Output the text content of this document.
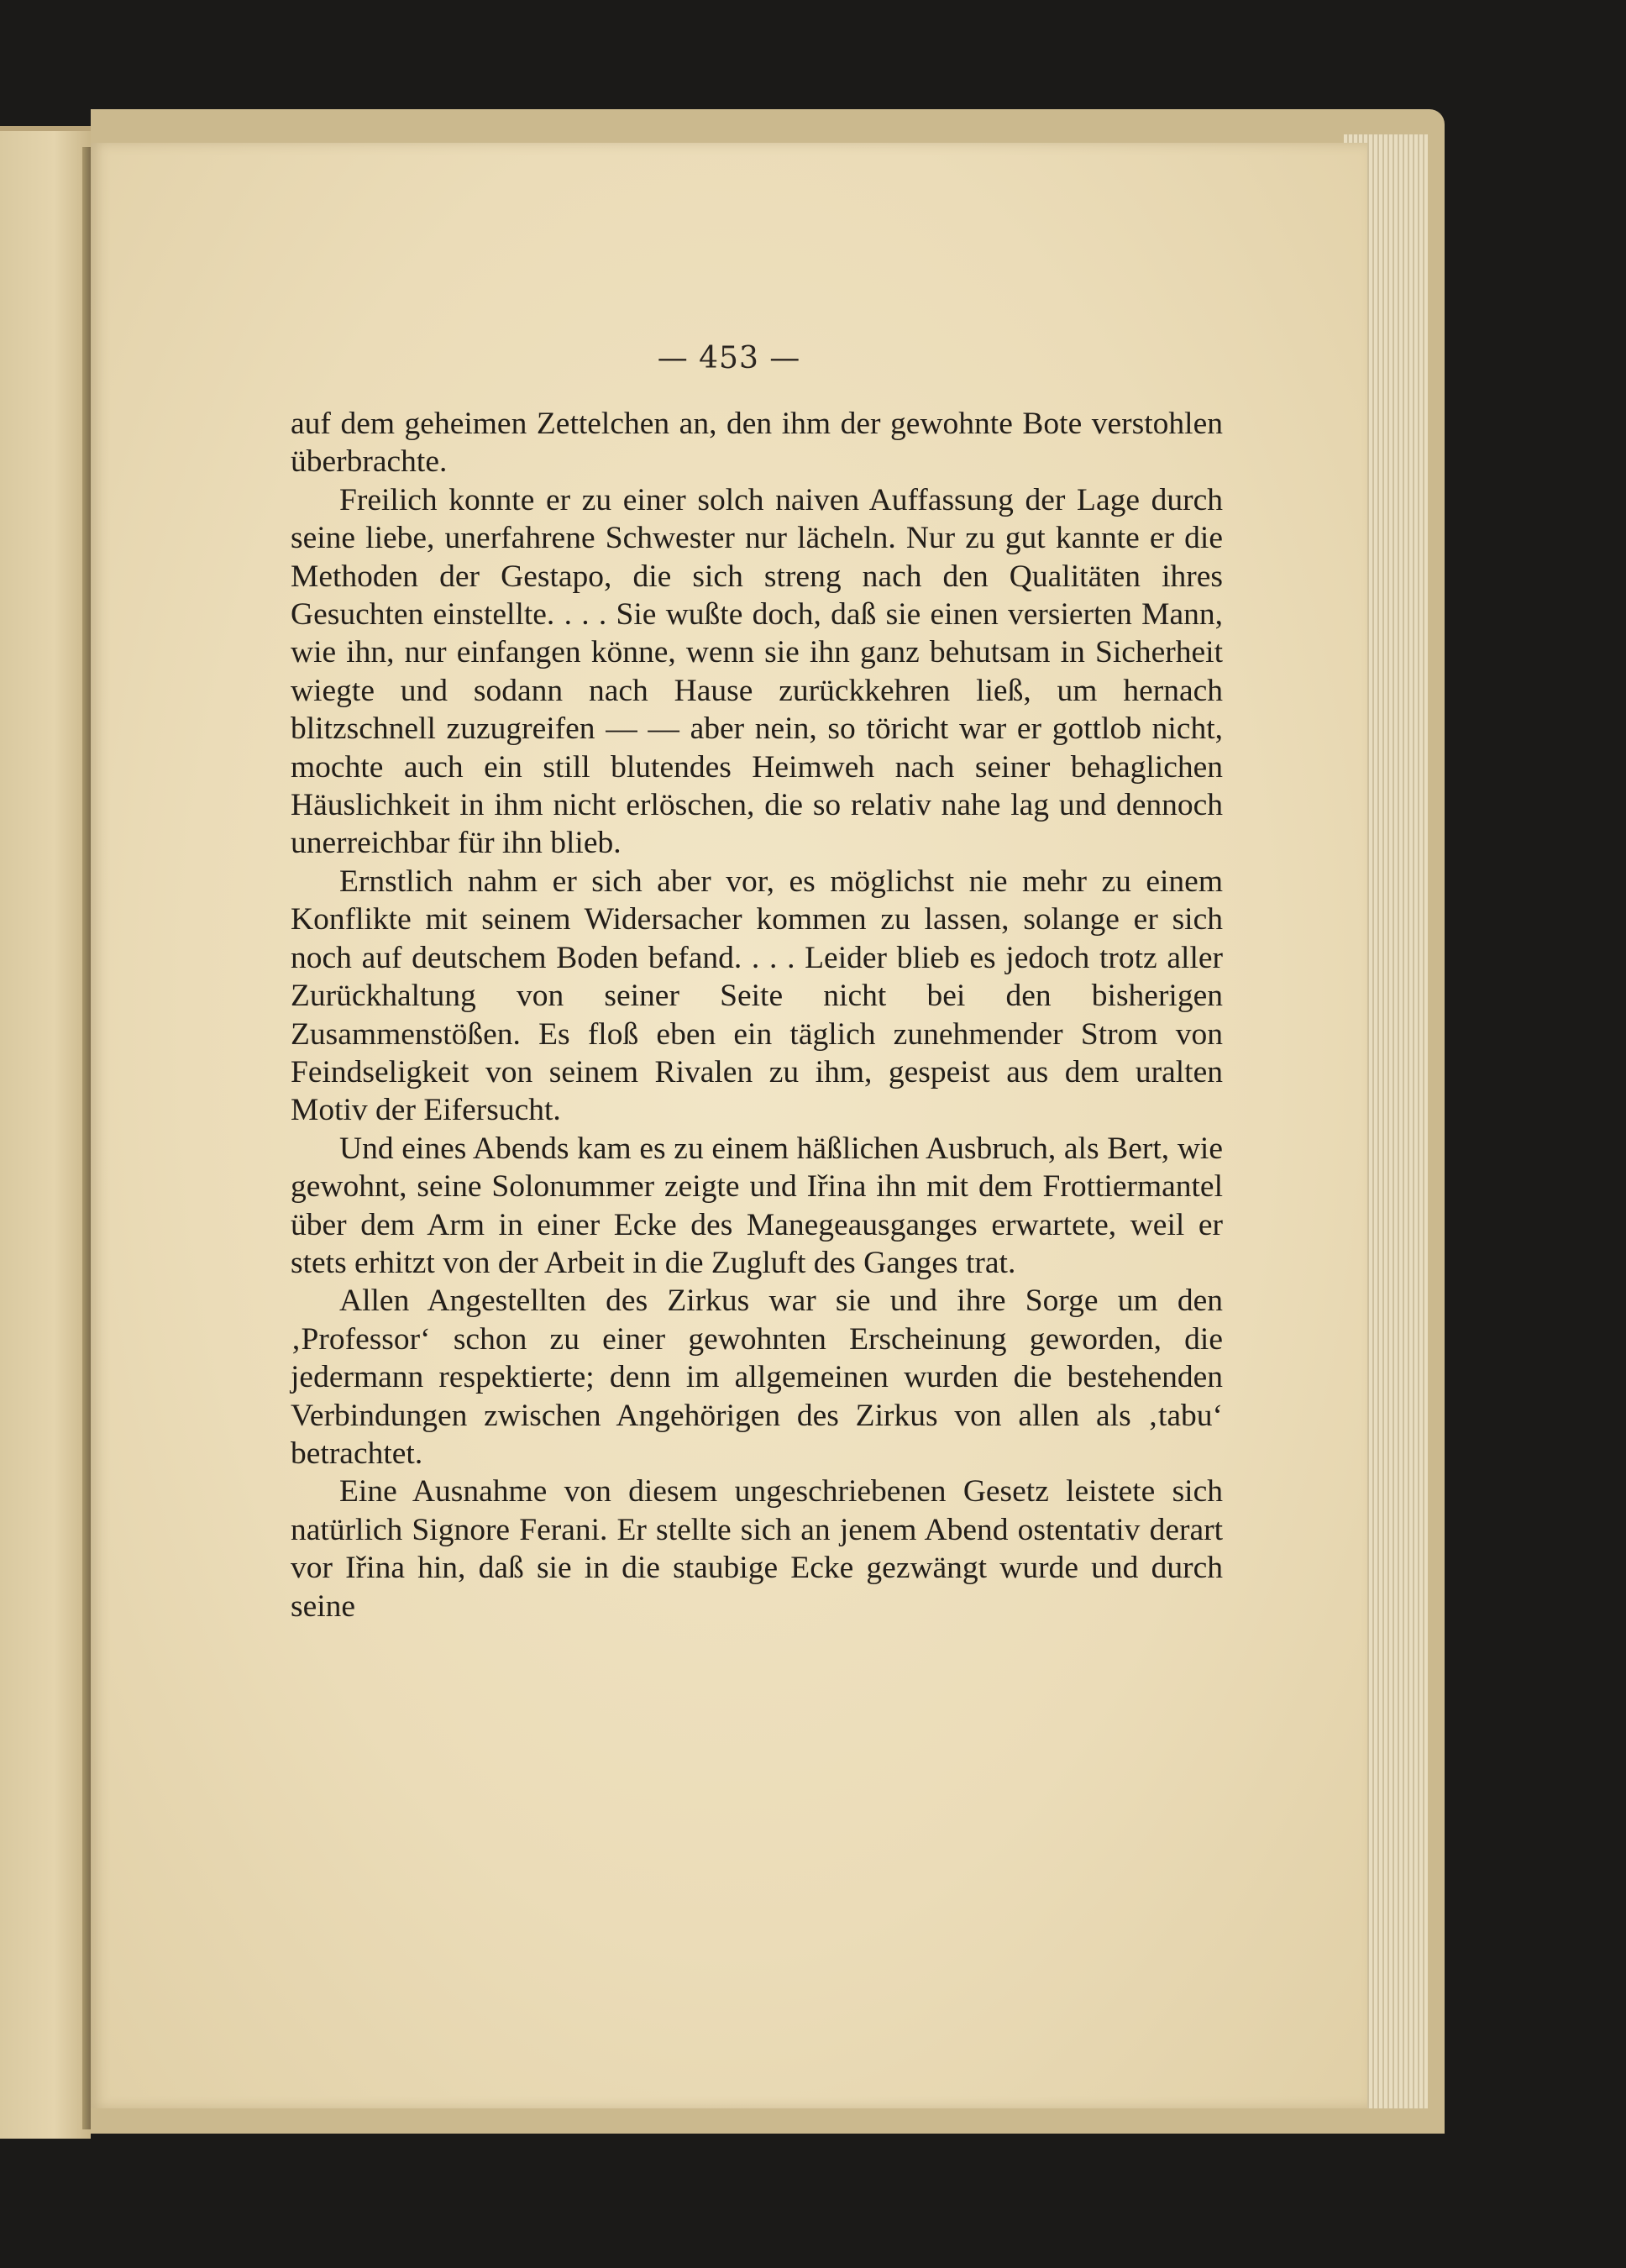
— 453 —

auf dem geheimen Zettelchen an, den ihm der gewohnte Bote verstohlen überbrachte.

Freilich konnte er zu einer solch naiven Auffassung der Lage durch seine liebe, unerfahrene Schwester nur lächeln. Nur zu gut kannte er die Methoden der Gestapo, die sich streng nach den Qualitäten ihres Gesuchten einstellte. . . . Sie wußte doch, daß sie einen versierten Mann, wie ihn, nur einfangen könne, wenn sie ihn ganz behutsam in Sicherheit wiegte und sodann nach Hause zurückkehren ließ, um hernach blitzschnell zuzugreifen — — aber nein, so töricht war er gottlob nicht, mochte auch ein still blutendes Heimweh nach seiner behaglichen Häuslichkeit in ihm nicht erlöschen, die so relativ nahe lag und dennoch unerreichbar für ihn blieb.

Ernstlich nahm er sich aber vor, es möglichst nie mehr zu einem Konflikte mit seinem Widersacher kommen zu lassen, solange er sich noch auf deutschem Boden befand. . . . Leider blieb es jedoch trotz aller Zurückhaltung von seiner Seite nicht bei den bisherigen Zusammenstößen. Es floß eben ein täglich zunehmender Strom von Feindseligkeit von seinem Rivalen zu ihm, gespeist aus dem uralten Motiv der Eifersucht.

Und eines Abends kam es zu einem häßlichen Ausbruch, als Bert, wie gewohnt, seine Solonummer zeigte und Iřina ihn mit dem Frottiermantel über dem Arm in einer Ecke des Manegeausganges erwartete, weil er stets erhitzt von der Arbeit in die Zugluft des Ganges trat.

Allen Angestellten des Zirkus war sie und ihre Sorge um den ‚Professor‘ schon zu einer gewohnten Erscheinung geworden, die jedermann respektierte; denn im allgemeinen wurden die bestehenden Verbindungen zwischen Angehörigen des Zirkus von allen als ‚tabu‘ betrachtet.

Eine Ausnahme von diesem ungeschriebenen Gesetz leistete sich natürlich Signore Ferani. Er stellte sich an jenem Abend ostentativ derart vor Iřina hin, daß sie in die staubige Ecke gezwängt wurde und durch seine
